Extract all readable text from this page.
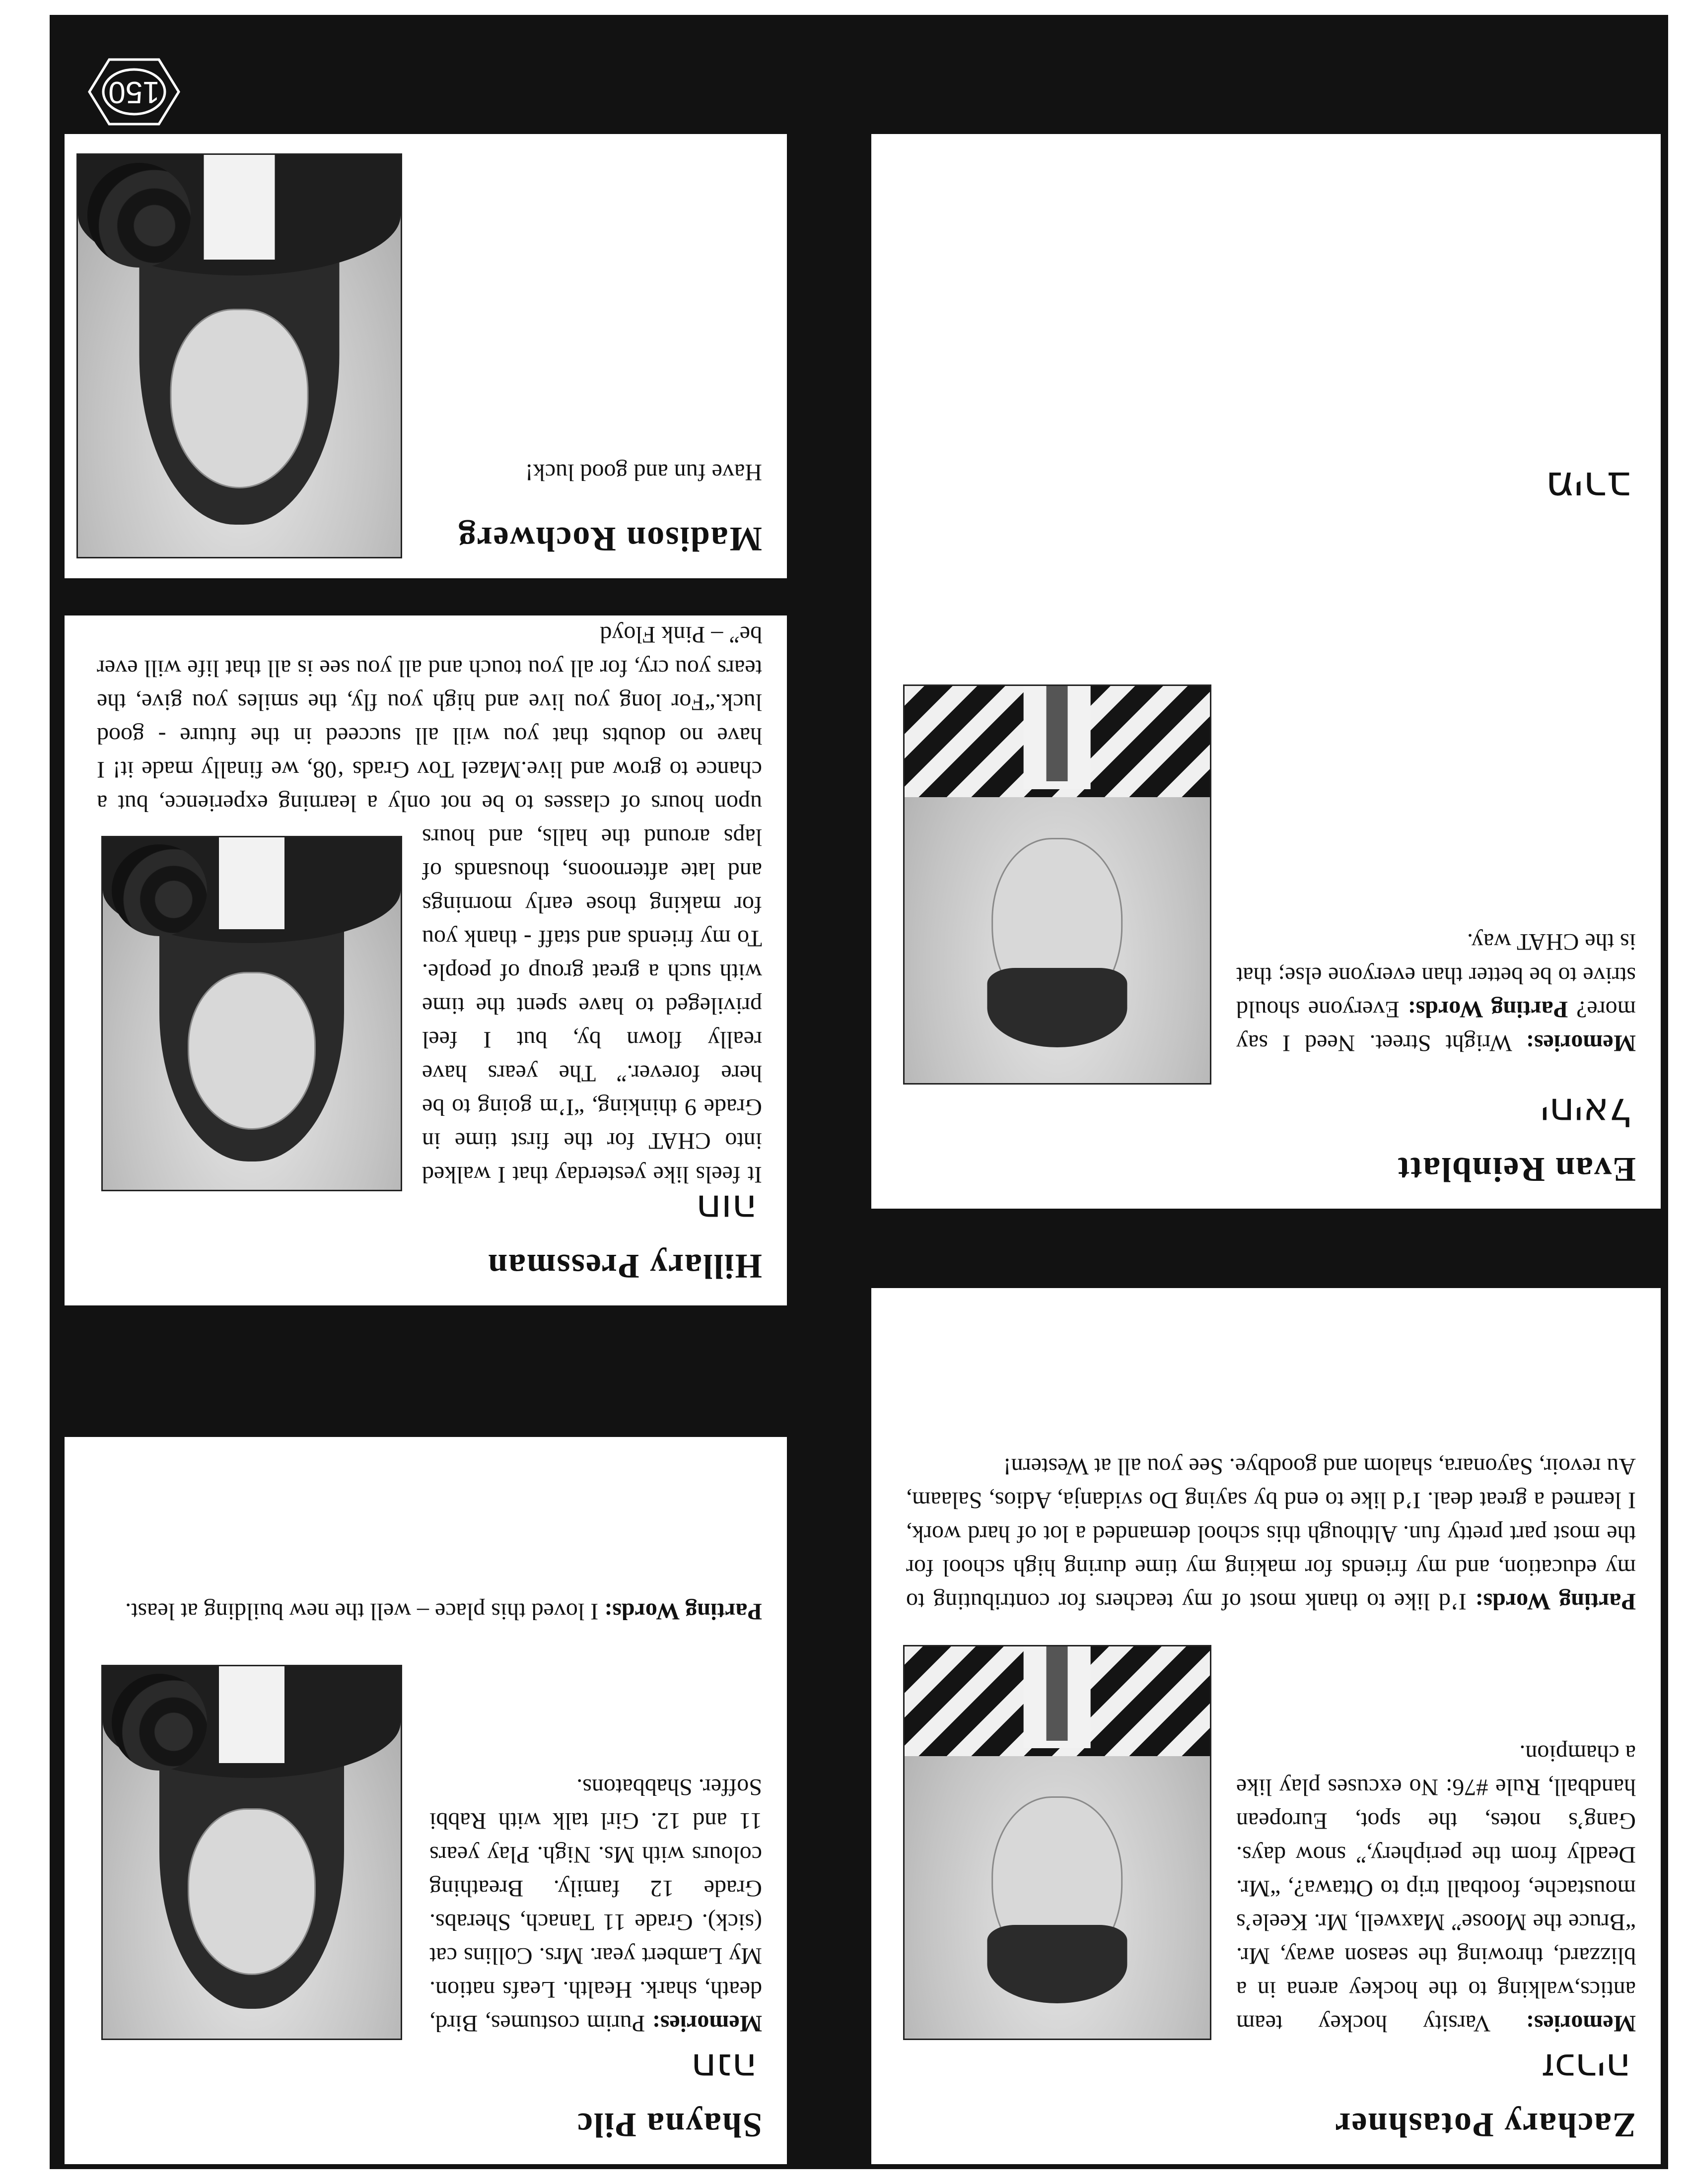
Shayna Pilc
חנה
Memories: Purim costumes, Bird, death, shark. Health. Leafs nation. My Lambert year. Mrs. Collins cat (sick). Grade 11 Tanach, Sherabs. Grade 12 family. Breathing colours with Ms. Nigh. Play years 11 and 12. Girl talk with Rabbi Soffer. Shabbatons.
Parting Words: I loved this place – well the new building at least.
Zachary Potashner
זכריה
Memories: Varsity hockey team antics,walking to the hockey arena in a blizzard, throwing the season away, Mr. “Bruce the Moose” Maxwell, Mr. Keele’s moustache, football trip to Ottawa?, “Mr. Deadly from the periphery,” snow days. Gang’s notes, the spot, European handball, Rule #76: No excuses play like a champion.
Parting Words: I’d like to thank most of my teachers for contributing to my education, and my friends for making my time during high school for the most part pretty fun. Although this school demanded a lot of hard work, I learned a great deal. I’d like to end by saying Do svidanja, Adios, Salaam, Au revoir, Sayonara, shalom and goodbye. See you all at Western!
Hillary Pressman
חוה
It feels like yesterday that I walked into CHAT for the first time in Grade 9 thinking, “I’m going to be here forever.” The years have really flown by, but I feel privileged to have spent the time with such a great group of people. To my friends and staff - thank you for making those early mornings and late afternoons, thousands of laps around the halls, and hours upon hours of classes to be not only a learning experience, but a chance to grow and live.Mazel Tov Grads ‘08, we finally made it! I have no doubts that you will all succeed in the future - good luck.“For long you live and high you fly, the smiles you give, the tears you cry, for all you touch and all you see is all that life will ever be” – Pink Floyd
Evan Reinblatt
יחיאל
Memories: Wright Street. Need I say more? Parting Words: Everyone should strive to be better than everyone else; that is the CHAT way.
Madison Rochwerg
Have fun and good luck!	מירב
150
